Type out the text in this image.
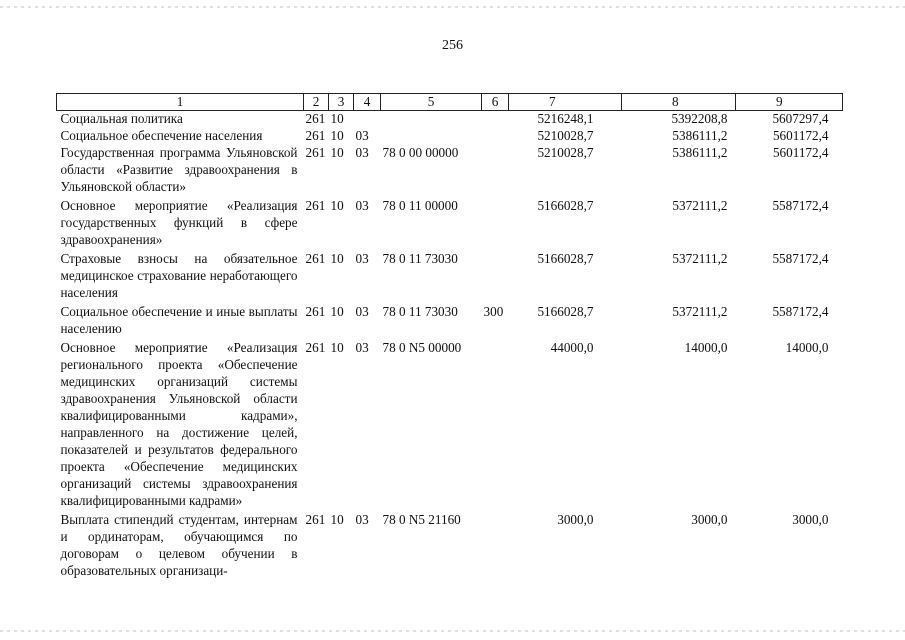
256
1	2	3	4	5	6	7	8	9
Социальная политика	261	10				5216248,1	5392208,8	5607297,4
Социальное обеспечение населения	261	10	03			5210028,7	5386111,2	5601172,4
Государственная программа Ульяновской области «Развитие здравоохранения в Ульяновской области»	261	10	03	78 0 00 00000		5210028,7	5386111,2	5601172,4
Основное мероприятие «Реализация государственных функций в сфере здравоохранения»	261	10	03	78 0 11 00000		5166028,7	5372111,2	5587172,4
Страховые взносы на обязательное медицинское страхование неработающего населения	261	10	03	78 0 11 73030		5166028,7	5372111,2	5587172,4
Социальное обеспечение и иные выплаты населению	261	10	03	78 0 11 73030	300	5166028,7	5372111,2	5587172,4
Основное мероприятие «Реализация регионального проекта «Обеспечение медицинских организаций системы здравоохранения Ульяновской области квалифицированными кадрами», направленного на достижение целей, показателей и результатов федерального проекта «Обеспечение медицинских организаций системы здравоохранения квалифицированными кадрами»	261	10	03	78 0 N5 00000		44000,0	14000,0	14000,0
Выплата стипендий студентам, интернам и ординаторам, обучающимся по договорам о целевом обучении в образовательных организаци-	261	10	03	78 0 N5 21160		3000,0	3000,0	3000,0
